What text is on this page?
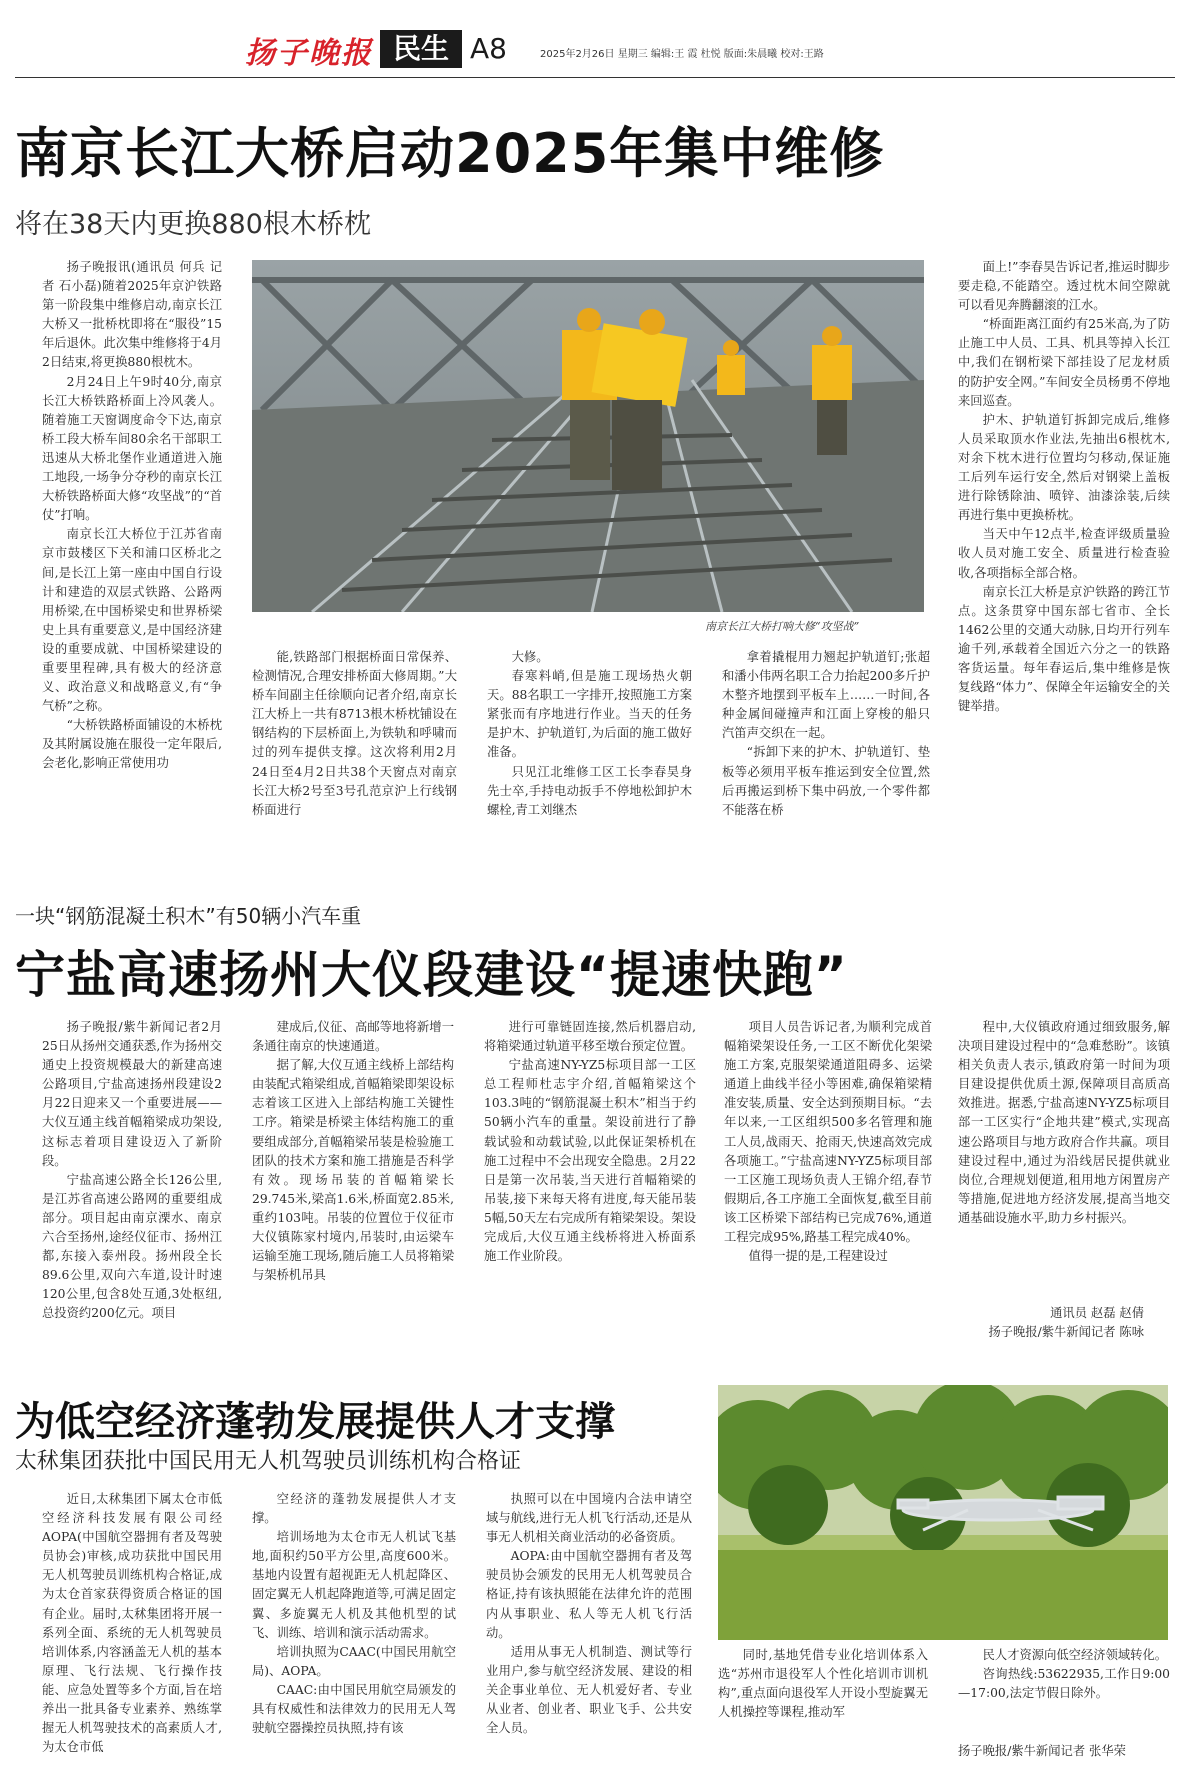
扬子晚报 民生 A8	2025年2月26日 星期三 编辑:王 霞 杜悦 版面:朱晨曦 校对:王路
南京长江大桥启动2025年集中维修
将在38天内更换880根木桥枕

扬子晚报讯(通讯员 何兵 记者 石小磊)随着2025年京沪铁路第一阶段集中维修启动,南京长江大桥又一批桥枕即将在“服役”15年后退休。此次集中维修将于4月2日结束,将更换880根枕木。

2月24日上午9时40分,南京长江大桥铁路桥面上冷风袭人。随着施工天窗调度命令下达,南京桥工段大桥车间80余名干部职工迅速从大桥北堡作业通道进入施工地段,一场争分夺秒的南京长江大桥铁路桥面大修“攻坚战”的“首仗”打响。

南京长江大桥位于江苏省南京市鼓楼区下关和浦口区桥北之间,是长江上第一座由中国自行设计和建造的双层式铁路、公路两用桥梁,在中国桥梁史和世界桥梁史上具有重要意义,是中国经济建设的重要成就、中国桥梁建设的重要里程碑,具有极大的经济意义、政治意义和战略意义,有“争气桥”之称。

“大桥铁路桥面铺设的木桥枕及其附属设施在服役一定年限后,会老化,影响正常使用功

南京长江大桥打响大修“攻坚战”

能,铁路部门根据桥面日常保养、检测情况,合理安排桥面大修周期。”大桥车间副主任徐顺向记者介绍,南京长江大桥上一共有8713根木桥枕铺设在钢结构的下层桥面上,为铁轨和呼啸而过的列车提供支撑。这次将利用2月24日至4月2日共38个天窗点对南京长江大桥2号至3号孔范京沪上行线钢桥面进行

大修。

春寒料峭,但是施工现场热火朝天。88名职工一字排开,按照施工方案紧张而有序地进行作业。当天的任务是护木、护轨道钉,为后面的施工做好准备。

只见江北维修工区工长李春昊身先士卒,手持电动扳手不停地松卸护木螺栓,青工刘继杰

拿着撬棍用力翘起护轨道钉;张超和潘小伟两名职工合力抬起200多斤护木整齐地摆到平板车上……一时间,各种金属间碰撞声和江面上穿梭的船只汽笛声交织在一起。

“拆卸下来的护木、护轨道钉、垫板等必须用平板车推运到安全位置,然后再搬运到桥下集中码放,一个零件都不能落在桥

面上!”李春昊告诉记者,推运时脚步要走稳,不能踏空。透过枕木间空隙就可以看见奔腾翻滚的江水。

“桥面距离江面约有25米高,为了防止施工中人员、工具、机具等掉入长江中,我们在钢桁梁下部挂设了尼龙材质的防护安全网。”车间安全员杨勇不停地来回巡查。

护木、护轨道钉拆卸完成后,维修人员采取顶水作业法,先抽出6根枕木,对余下枕木进行位置均匀移动,保证施工后列车运行安全,然后对钢梁上盖板进行除锈除油、喷锌、油漆涂装,后续再进行集中更换桥枕。

当天中午12点半,检查评级质量验收人员对施工安全、质量进行检查验收,各项指标全部合格。

南京长江大桥是京沪铁路的跨江节点。这条贯穿中国东部七省市、全长1462公里的交通大动脉,日均开行列车逾千列,承载着全国近六分之一的铁路客货运量。每年春运后,集中维修是恢复线路“体力”、保障全年运输安全的关键举措。

一块“钢筋混凝土积木”有50辆小汽车重
宁盐高速扬州大仪段建设“提速快跑”

扬子晚报/紫牛新闻记者2月25日从扬州交通获悉,作为扬州交通史上投资规模最大的新建高速公路项目,宁盐高速扬州段建设2月22日迎来又一个重要进展——大仪互通主线首幅箱梁成功架设,这标志着项目建设迈入了新阶段。

宁盐高速公路全长126公里,是江苏省高速公路网的重要组成部分。项目起由南京溧水、南京六合至扬州,途经仪征市、扬州江都,东接入泰州段。扬州段全长89.6公里,双向六车道,设计时速120公里,包含8处互通,3处枢纽,总投资约200亿元。项目

建成后,仪征、高邮等地将新增一条通往南京的快速通道。

据了解,大仪互通主线桥上部结构由装配式箱梁组成,首幅箱梁即架设标志着该工区进入上部结构施工关键性工序。箱梁是桥梁主体结构施工的重要组成部分,首幅箱梁吊装是检验施工团队的技术方案和施工措施是否科学有效。现场吊装的首幅箱梁长29.745米,梁高1.6米,桥面宽2.85米,重约103吨。吊装的位置位于仪征市大仪镇陈家村境内,吊装时,由运梁车运输至施工现场,随后施工人员将箱梁与架桥机吊具

进行可靠链固连接,然后机器启动,将箱梁通过轨道平移至墩台预定位置。

宁盐高速NY-YZ5标项目部一工区总工程师杜志宇介绍,首幅箱梁这个103.3吨的“钢筋混凝土积木”相当于约50辆小汽车的重量。架设前进行了静载试验和动载试验,以此保证架桥机在施工过程中不会出现安全隐患。2月22日是第一次吊装,当天进行首幅箱梁的吊装,接下来每天将有进度,每天能吊装5幅,50天左右完成所有箱梁架设。架设完成后,大仪互通主线桥将进入桥面系施工作业阶段。

项目人员告诉记者,为顺利完成首幅箱梁架设任务,一工区不断优化架梁施工方案,克服架梁通道阻碍多、运梁通道上曲线半径小等困难,确保箱梁精准安装,质量、安全达到预期目标。“去年以来,一工区组织500多名管理和施工人员,战雨天、抢雨天,快速高效完成各项施工。”宁盐高速NY-YZ5标项目部一工区施工现场负责人王锦介绍,春节假期后,各工序施工全面恢复,截至目前该工区桥梁下部结构已完成76%,通道工程完成95%,路基工程完成40%。

值得一提的是,工程建设过

程中,大仪镇政府通过细致服务,解决项目建设过程中的“急难愁盼”。该镇相关负责人表示,镇政府第一时间为项目建设提供优质土源,保障项目高质高效推进。据悉,宁盐高速NY-YZ5标项目部一工区实行“企地共建”模式,实现高速公路项目与地方政府合作共赢。项目建设过程中,通过为沿线居民提供就业岗位,合理规划便道,租用地方闲置房产等措施,促进地方经济发展,提高当地交通基础设施水平,助力乡村振兴。

通讯员 赵磊 赵倩
扬子晚报/紫牛新闻记者 陈咏
为低空经济蓬勃发展提供人才支撑
太秫集团获批中国民用无人机驾驶员训练机构合格证

近日,太秫集团下属太仓市低空经济科技发展有限公司经AOPA(中国航空器拥有者及驾驶员协会)审核,成功获批中国民用无人机驾驶员训练机构合格证,成为太仓首家获得资质合格证的国有企业。届时,太秫集团将开展一系列全面、系统的无人机驾驶员培训体系,内容涵盖无人机的基本原理、飞行法规、飞行操作技能、应急处置等多个方面,旨在培养出一批具备专业素养、熟练掌握无人机驾驶技术的高素质人才,为太仓市低

空经济的蓬勃发展提供人才支撑。

培训场地为太仓市无人机试飞基地,面积约50平方公里,高度600米。基地内设置有超视距无人机起降区、固定翼无人机起降跑道等,可满足固定翼、多旋翼无人机及其他机型的试飞、训练、培训和演示活动需求。

培训执照为CAAC(中国民用航空局)、AOPA。

CAAC:由中国民用航空局颁发的具有权威性和法律效力的民用无人驾驶航空器操控员执照,持有该

执照可以在中国境内合法申请空域与航线,进行无人机飞行活动,还是从事无人机相关商业活动的必备资质。

AOPA:由中国航空器拥有者及驾驶员协会颁发的民用无人机驾驶员合格证,持有该执照能在法律允许的范围内从事职业、私人等无人机飞行活动。

适用从事无人机制造、测试等行业用户,参与航空经济发展、建设的相关企事业单位、无人机爱好者、专业从业者、创业者、职业飞手、公共安全人员。

同时,基地凭借专业化培训体系入选“苏州市退役军人个性化培训市训机构”,重点面向退役军人开设小型旋翼无人机操控等课程,推动军

民人才资源向低空经济领域转化。

咨询热线:53622935,工作日9:00—17:00,法定节假日除外。

扬子晚报/紫牛新闻记者 张华荣
